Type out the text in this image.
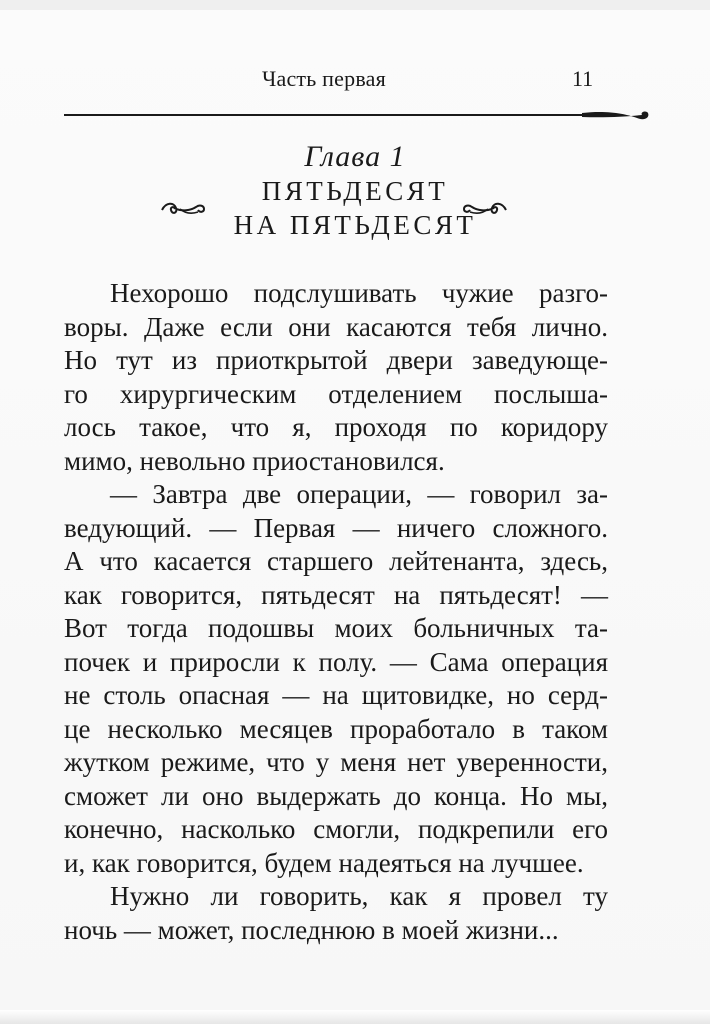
Часть первая	11
Глава 1
ПЯТЬДЕСЯТ
НА ПЯТЬДЕСЯТ
Нехорошо подслушивать чужие разго-
воры. Даже если они касаются тебя лично.
Но тут из приоткрытой двери заведующе-
го хирургическим отделением послыша-
лось такое, что я, проходя по коридору
мимо, невольно приостановился.
— Завтра две операции, — говорил за-
ведующий. — Первая — ничего сложного.
А что касается старшего лейтенанта, здесь,
как говорится, пятьдесят на пятьдесят! —
Вот тогда подошвы моих больничных та-
почек и приросли к полу. — Сама операция
не столь опасная — на щитовидке, но серд-
це несколько месяцев проработало в таком
жутком режиме, что у меня нет уверенности,
сможет ли оно выдержать до конца. Но мы,
конечно, насколько смогли, подкрепили его
и, как говорится, будем надеяться на лучшее.
Нужно ли говорить, как я провел ту
ночь — может, последнюю в моей жизни...
